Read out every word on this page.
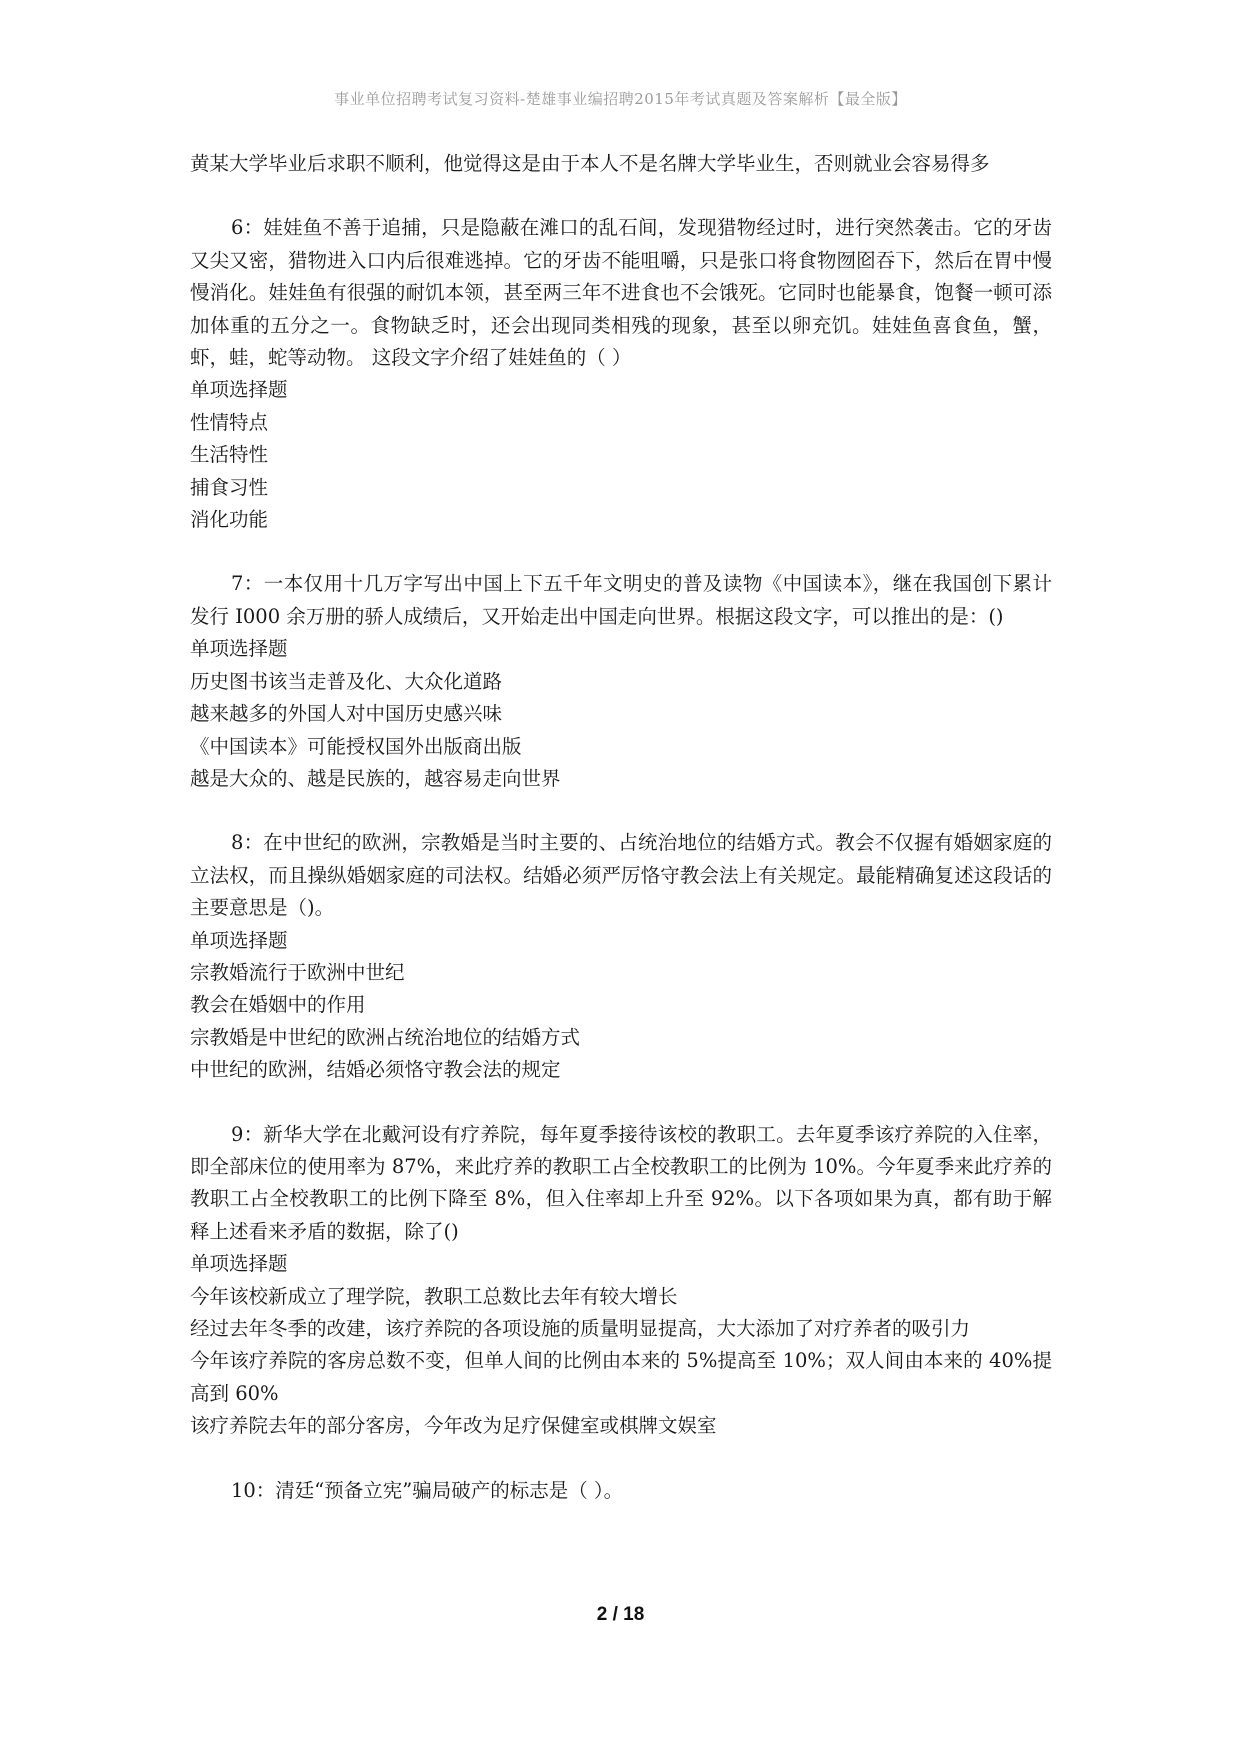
事业单位招聘考试复习资料-楚雄事业编招聘2015年考试真题及答案解析【最全版】

黄某大学毕业后求职不顺利，他觉得这是由于本人不是名牌大学毕业生，否则就业会容易得多

6：娃娃鱼不善于追捕，只是隐蔽在滩口的乱石间，发现猎物经过时，进行突然袭击。它的牙齿又尖又密，猎物进入口内后很难逃掉。它的牙齿不能咀嚼，只是张口将食物囫囵吞下，然后在胃中慢慢消化。娃娃鱼有很强的耐饥本领，甚至两三年不进食也不会饿死。它同时也能暴食，饱餐一顿可添加体重的五分之一。食物缺乏时，还会出现同类相残的现象，甚至以卵充饥。娃娃鱼喜食鱼，蟹，虾，蛙，蛇等动物。 这段文字介绍了娃娃鱼的（ ）

单项选择题
性情特点
生活特性
捕食习性
消化功能

7：一本仅用十几万字写出中国上下五千年文明史的普及读物《中国读本》，继在我国创下累计发行 I000 余万册的骄人成绩后，又开始走出中国走向世界。根据这段文字，可以推出的是：()

单项选择题
历史图书该当走普及化、大众化道路
越来越多的外国人对中国历史感兴味
《中国读本》可能授权国外出版商出版
越是大众的、越是民族的，越容易走向世界

8：在中世纪的欧洲，宗教婚是当时主要的、占统治地位的结婚方式。教会不仅握有婚姻家庭的立法权，而且操纵婚姻家庭的司法权。结婚必须严厉恪守教会法上有关规定。最能精确复述这段话的主要意思是（)。

单项选择题
宗教婚流行于欧洲中世纪
教会在婚姻中的作用
宗教婚是中世纪的欧洲占统治地位的结婚方式
中世纪的欧洲，结婚必须恪守教会法的规定

9：新华大学在北戴河设有疗养院，每年夏季接待该校的教职工。去年夏季该疗养院的入住率，即全部床位的使用率为 87%，来此疗养的教职工占全校教职工的比例为 10%。今年夏季来此疗养的教职工占全校教职工的比例下降至 8%，但入住率却上升至 92%。以下各项如果为真，都有助于解释上述看来矛盾的数据，除了()

单项选择题
今年该校新成立了理学院，教职工总数比去年有较大增长
经过去年冬季的改建，该疗养院的各项设施的质量明显提高，大大添加了对疗养者的吸引力
今年该疗养院的客房总数不变，但单人间的比例由本来的 5%提高至 10%；双人间由本来的 40%提高到 60%
该疗养院去年的部分客房，今年改为足疗保健室或棋牌文娱室

10：清廷“预备立宪”骗局破产的标志是（ ）。

2 / 18
